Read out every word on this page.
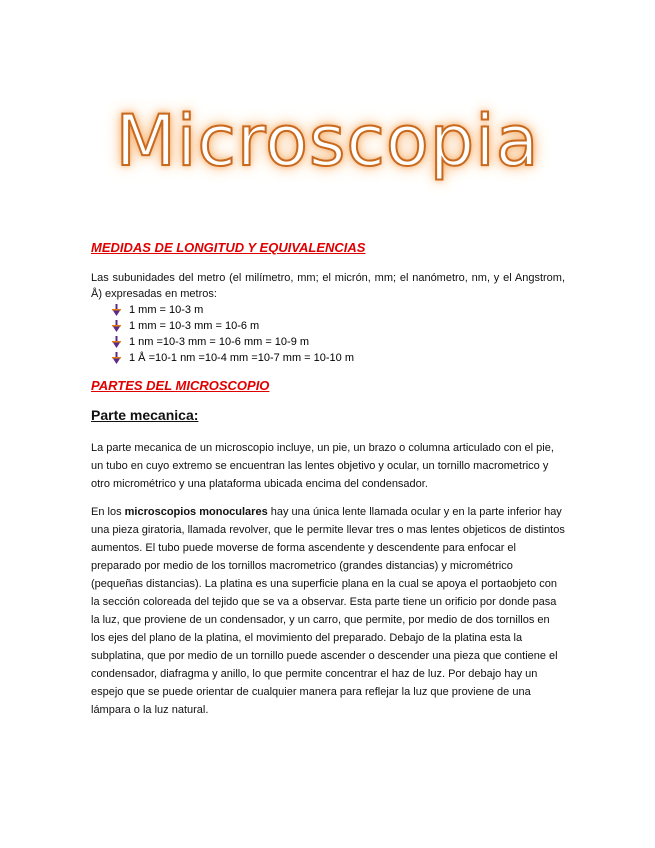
Microscopia
MEDIDAS DE LONGITUD Y EQUIVALENCIAS
Las subunidades del metro (el milímetro, mm; el micrón, mm; el nanómetro, nm, y el Angstrom, Å) expresadas en metros:
1 mm = 10-3 m
1 mm = 10-3 mm = 10-6 m
1 nm =10-3 mm = 10-6 mm = 10-9 m
1 Å =10-1 nm =10-4 mm =10-7 mm = 10-10 m
PARTES DEL MICROSCOPIO
Parte mecanica:
La parte mecanica de un microscopio incluye, un pie, un brazo o columna articulado con el pie, un tubo en cuyo extremo se encuentran las lentes objetivo y ocular, un tornillo macrometrico y otro micrométrico y una plataforma ubicada encima del condensador.
En los microscopios monoculares hay una única lente llamada ocular y en la parte inferior hay una pieza giratoria, llamada revolver, que le permite llevar tres o mas lentes objeticos de distintos aumentos. El tubo puede moverse de forma ascendente y descendente para enfocar el preparado por medio de los tornillos macrometrico (grandes distancias) y micrométrico (pequeñas distancias). La platina es una superficie plana en la cual se apoya el portaobjeto con la sección coloreada del tejido que se va a observar. Esta parte tiene un orificio por donde pasa la luz, que proviene de un condensador, y un carro, que permite, por medio de dos tornillos en los ejes del plano de la platina, el movimiento del preparado. Debajo de la platina esta la subplatina, que por medio de un tornillo puede ascender o descender una pieza que contiene el condensador, diafragma y anillo, lo que permite concentrar el haz de luz. Por debajo hay un espejo que se puede orientar de cualquier manera para reflejar la luz que proviene de una lámpara o la luz natural.
